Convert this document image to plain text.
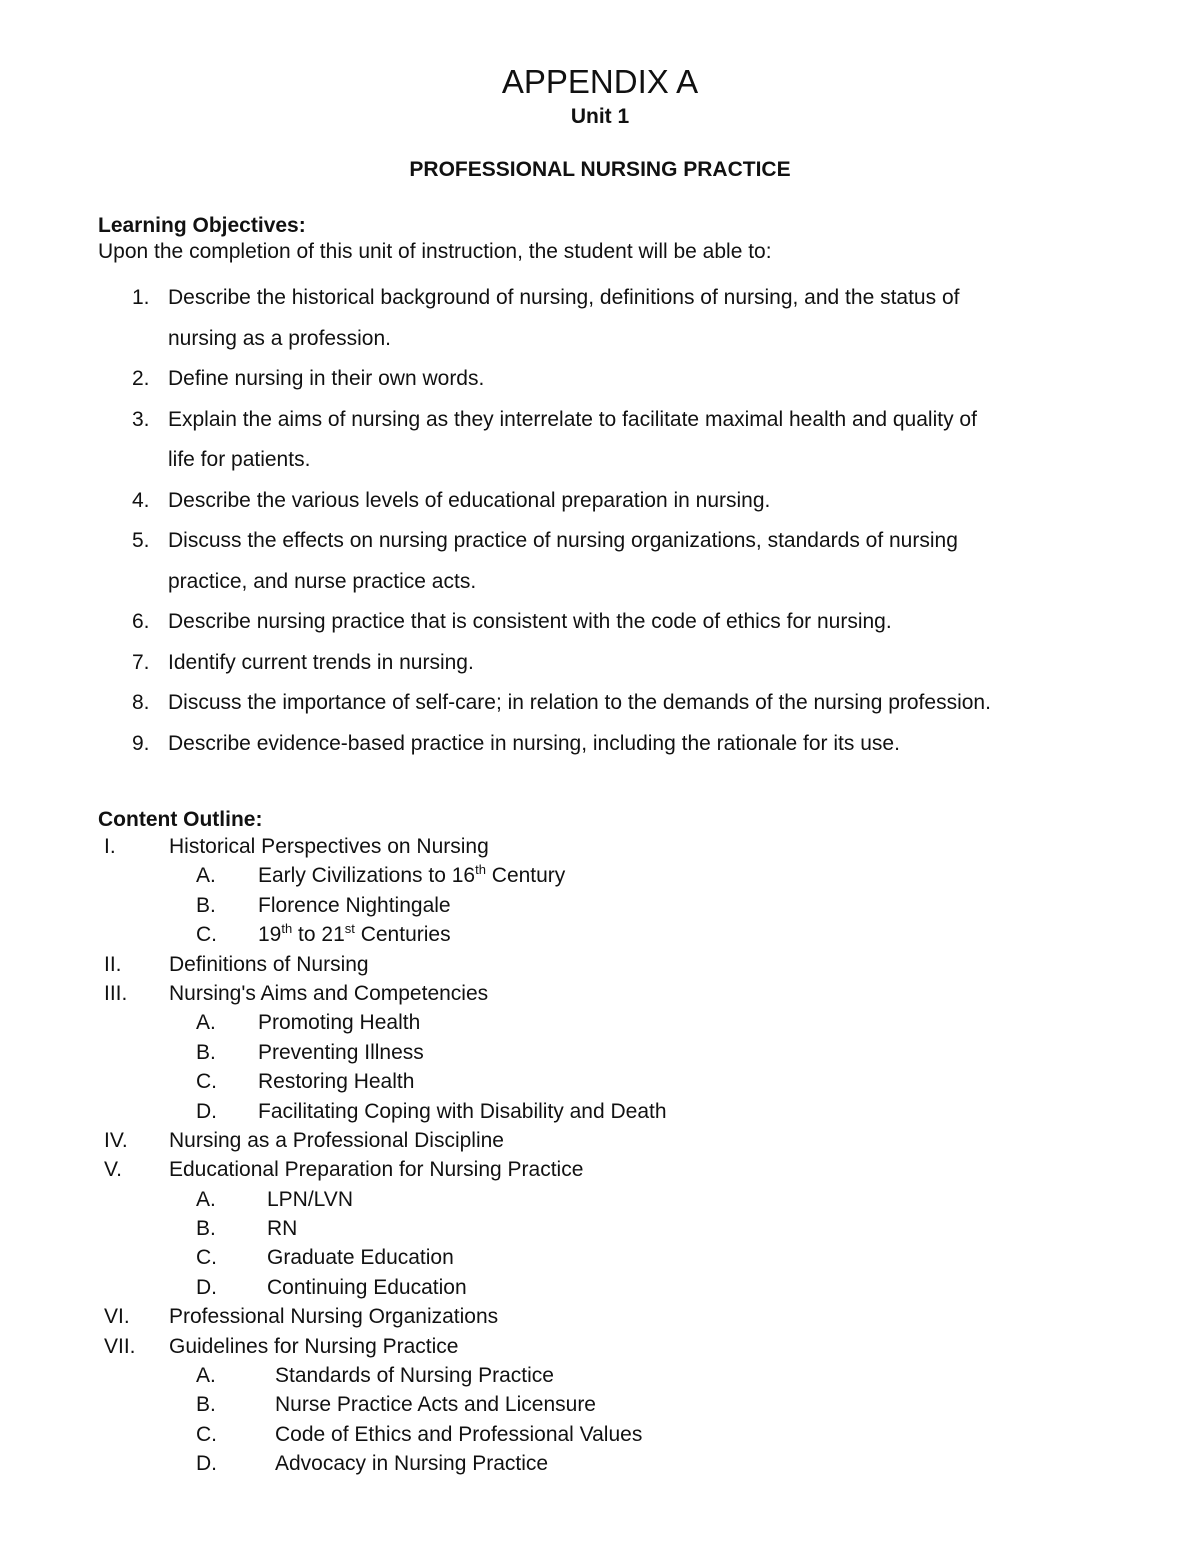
APPENDIX A
Unit 1
PROFESSIONAL NURSING PRACTICE
Learning Objectives:
Upon the completion of this unit of instruction, the student will be able to:
1. Describe the historical background of nursing, definitions of nursing, and the status of
nursing as a profession.
2. Define nursing in their own words.
3. Explain the aims of nursing as they interrelate to facilitate maximal health and quality of
life for patients.
4. Describe the various levels of educational preparation in nursing.
5. Discuss the effects on nursing practice of nursing organizations, standards of nursing
practice, and nurse practice acts.
6. Describe nursing practice that is consistent with the code of ethics for nursing.
7. Identify current trends in nursing.
8. Discuss the importance of self-care; in relation to the demands of the nursing profession.
9. Describe evidence-based practice in nursing, including the rationale for its use.
Content Outline:
I.	Historical Perspectives on Nursing
A. Early Civilizations to 16th Century
B. Florence Nightingale
C. 19th to 21st Centuries
II. Definitions of Nursing
III. Nursing's Aims and Competencies
A. Promoting Health
B. Preventing Illness
C. Restoring Health
D. Facilitating Coping with Disability and Death
IV. Nursing as a Professional Discipline
V. Educational Preparation for Nursing Practice
A. LPN/LVN
B. RN
C. Graduate Education
D. Continuing Education
VI. Professional Nursing Organizations
VII. Guidelines for Nursing Practice
A.	Standards of Nursing Practice
B.	Nurse Practice Acts and Licensure
C.	Code of Ethics and Professional Values
D.	Advocacy in Nursing Practice
